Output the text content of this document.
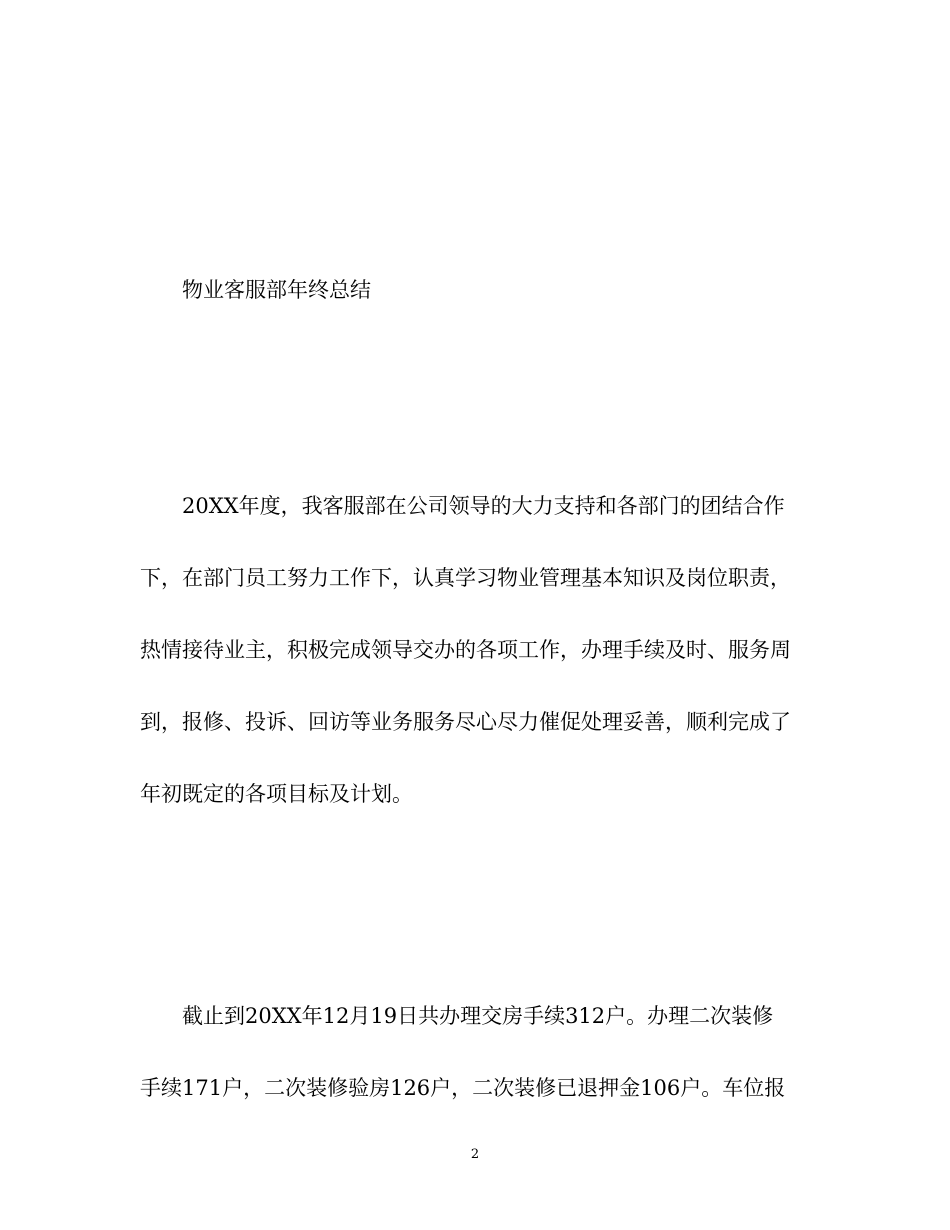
物业客服部年终总结
20XX年度，我客服部在公司领导的大力支持和各部门的团结合作
下，在部门员工努力工作下，认真学习物业管理基本知识及岗位职责，
热情接待业主，积极完成领导交办的各项工作，办理手续及时、服务周
到，报修、投诉、回访等业务服务尽心尽力催促处理妥善，顺利完成了
年初既定的各项目标及计划。
截止到20XX年12月19日共办理交房手续312户。办理二次装修
手续171户，二次装修验房126户，二次装修已退押金106户。车位报
2
